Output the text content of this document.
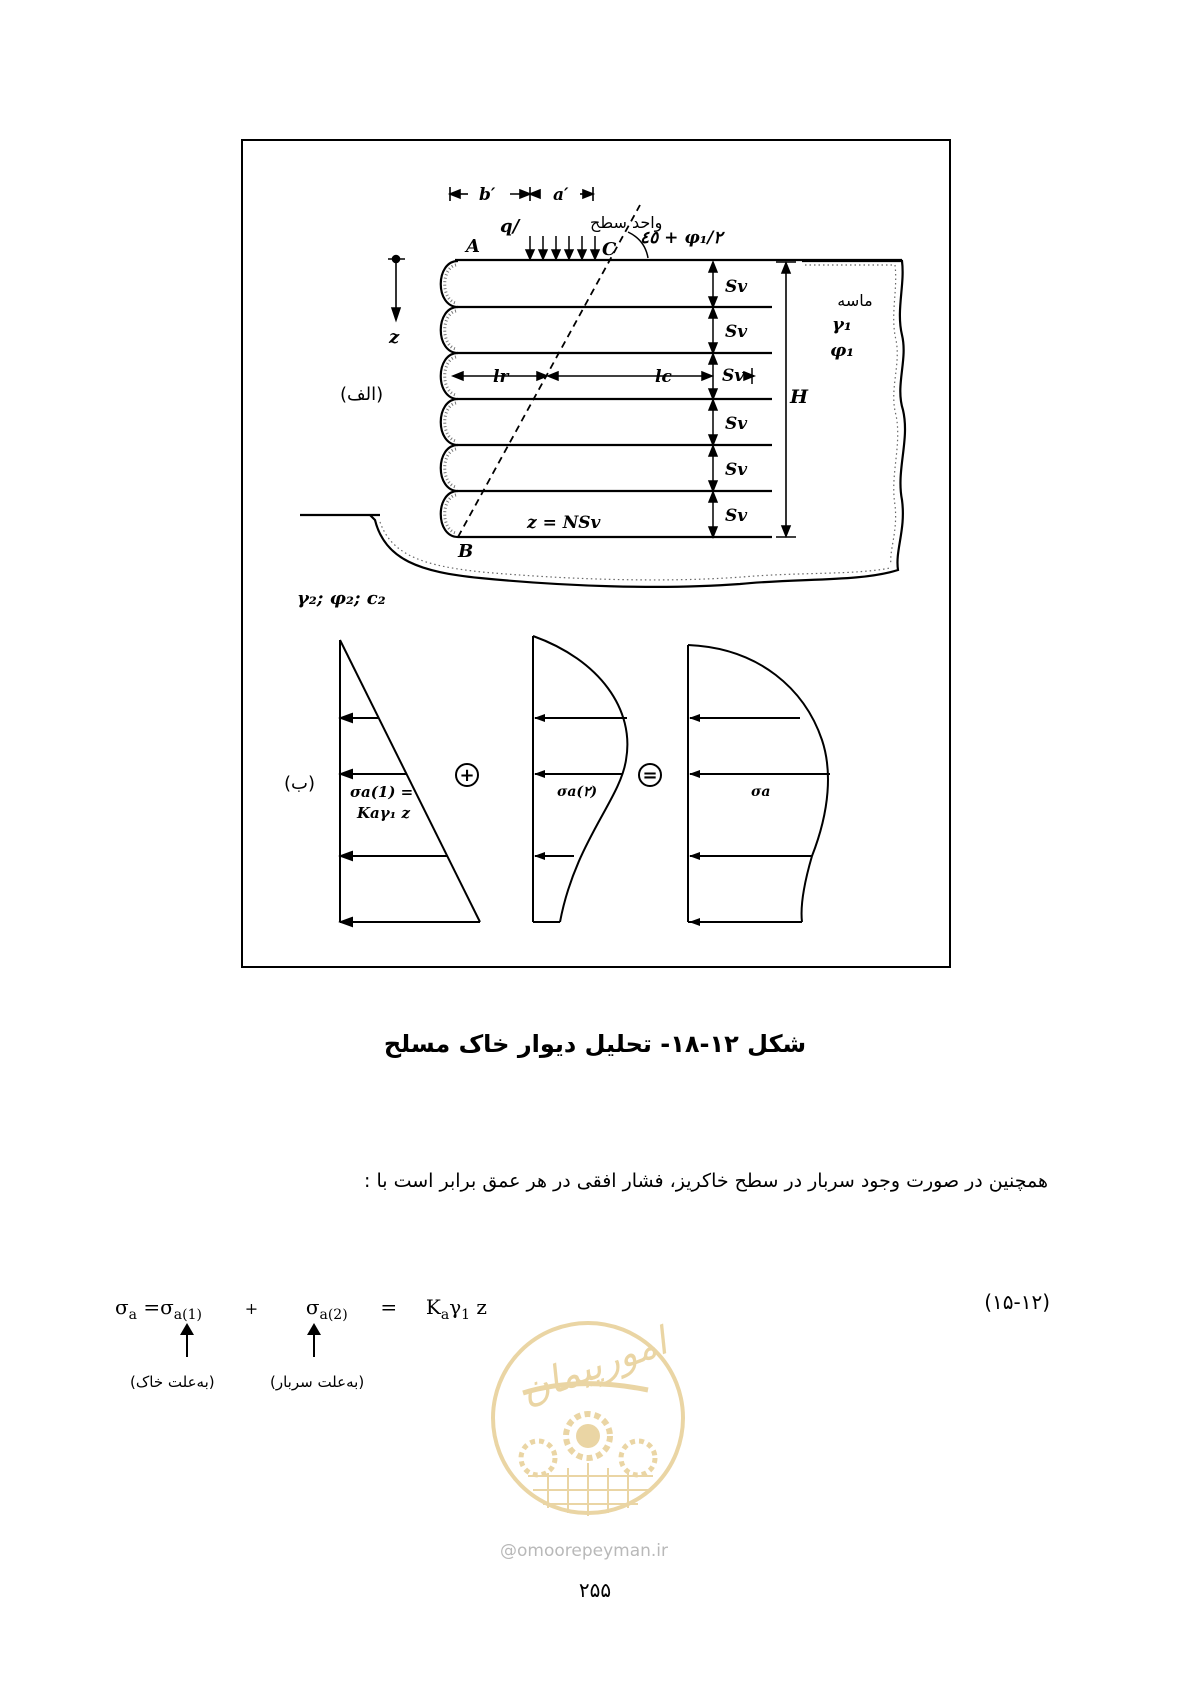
b′	a′
q/	واحد سطح
٤٥ + φ₁/٢
A	C
B
z
(الف)
Sv
Sv
Sv
Sv
Sv
Sv
lr	lc
H
z = NSv
ماسه
γ₁
φ₁
γ₂; φ₂; c₂
+	=
(ب) σa(1) =
Kaγ₁ z
σa(۲)	σa
شکل ۱۲-۱۸- تحلیل دیوار خاک مسلح
همچنین در صورت وجود سربار در سطح خاکریز، فشار افقی در هر عمق برابر است با :
$\sigma_a =\sigma_{a(1)}$	+ $\sigma_{a(2)} = K_a\gamma_1$ z	(۱۵-۱۲)
(به‌علت خاک)	(به‌علت سربار)	امورپیمان
@omoorepeyman.ir
۲۵۵
